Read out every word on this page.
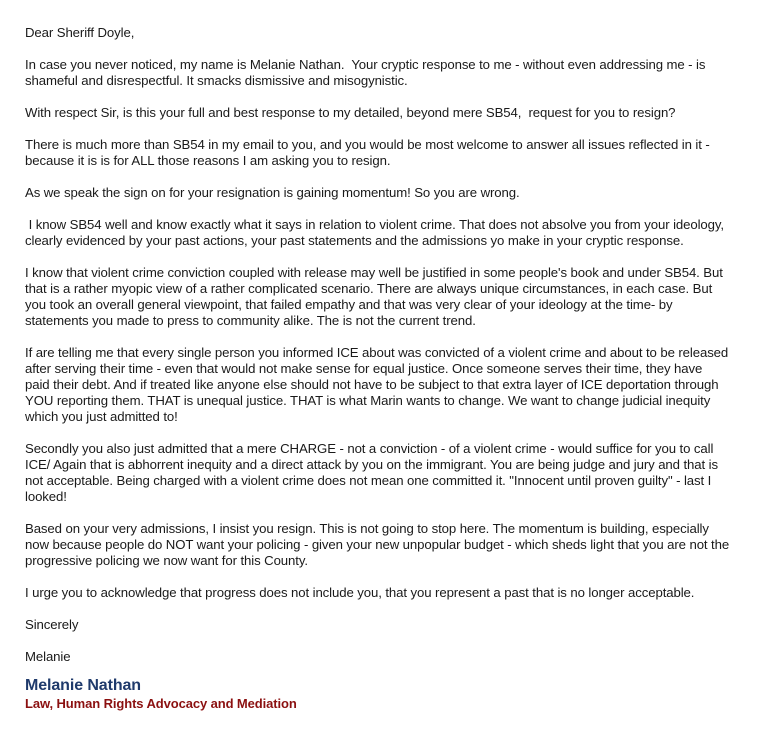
Dear Sheriff Doyle,

In case you never noticed, my name is Melanie Nathan.  Your cryptic response to me - without even addressing me - is shameful and disrespectful. It smacks dismissive and misogynistic.

With respect Sir, is this your full and best response to my detailed, beyond mere SB54,  request for you to resign?

There is much more than SB54 in my email to you, and you would be most welcome to answer all issues reflected in it - because it is is for ALL those reasons I am asking you to resign.

As we speak the sign on for your resignation is gaining momentum! So you are wrong.

I know SB54 well and know exactly what it says in relation to violent crime. That does not absolve you from your ideology, clearly evidenced by your past actions, your past statements and the admissions yo make in your cryptic response.

I know that violent crime conviction coupled with release may well be justified in some people's book and under SB54. But that is a rather myopic view of a rather complicated scenario. There are always unique circumstances, in each case. But you took an overall general viewpoint, that failed empathy and that was very clear of your ideology at the time- by statements you made to press to community alike. The is not the current trend.

If are telling me that every single person you informed ICE about was convicted of a violent crime and about to be released after serving their time - even that would not make sense for equal justice. Once someone serves their time, they have paid their debt. And if treated like anyone else should not have to be subject to that extra layer of ICE deportation through YOU reporting them. THAT is unequal justice. THAT is what Marin wants to change. We want to change judicial inequity which you just admitted to!

Secondly you also just admitted that a mere CHARGE - not a conviction - of a violent crime - would suffice for you to call ICE/ Again that is abhorrent inequity and a direct attack by you on the immigrant. You are being judge and jury and that is not acceptable. Being charged with a violent crime does not mean one committed it. "Innocent until proven guilty" - last I looked!

Based on your very admissions, I insist you resign. This is not going to stop here. The momentum is building, especially now because people do NOT want your policing - given your new unpopular budget - which sheds light that you are not the progressive policing we now want for this County.

I urge you to acknowledge that progress does not include you, that you represent a past that is no longer acceptable.

Sincerely

Melanie

Melanie Nathan
Law, Human Rights Advocacy and Mediation
